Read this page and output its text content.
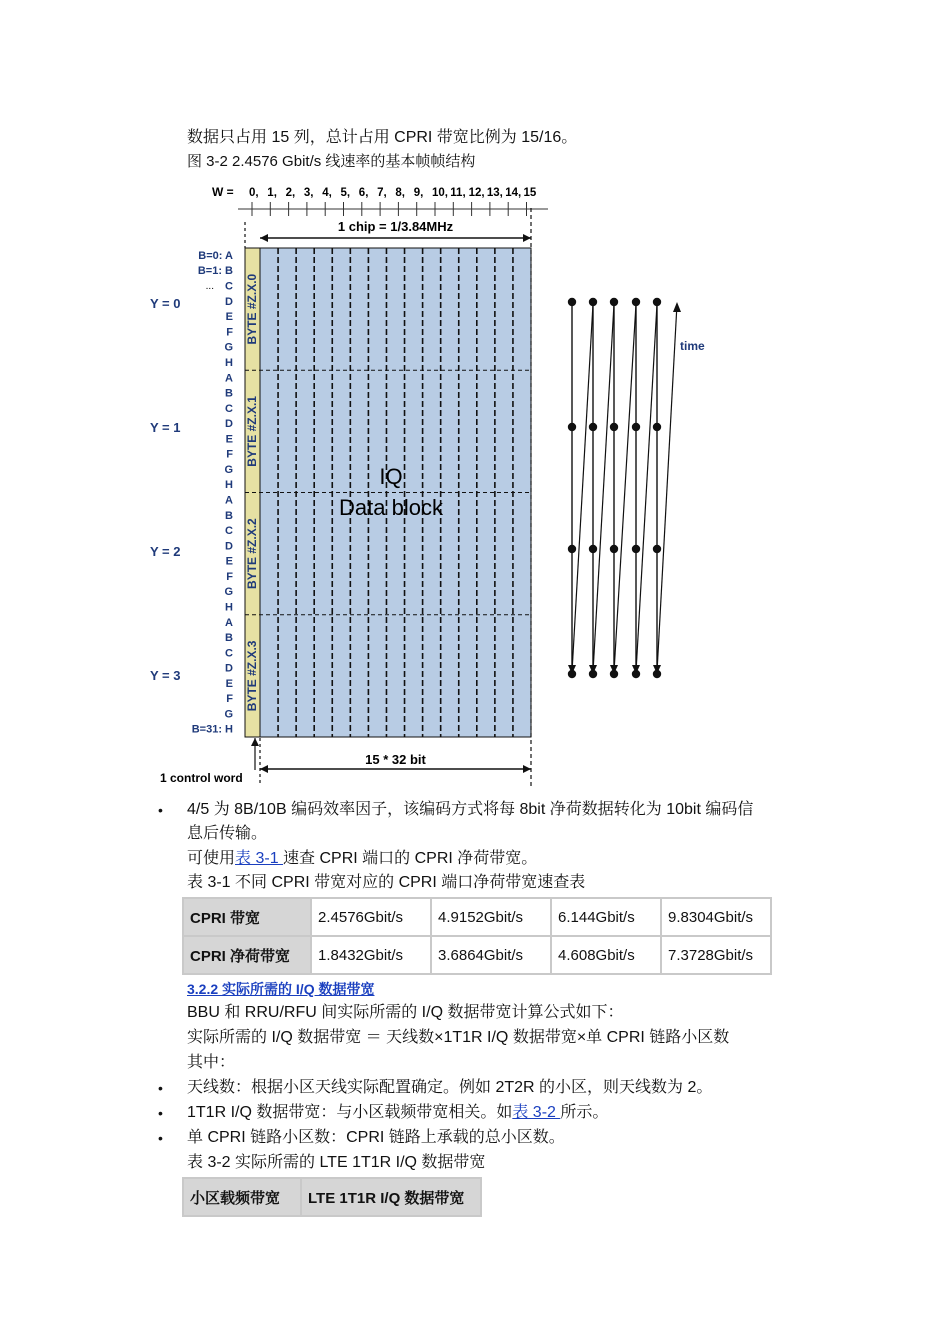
数据只占用 15 列，总计占用 CPRI 带宽比例为 15/16。
图 3-2 2.4576 Gbit/s 线速率的基本帧帧结构
W = 0, 1, 2, 3, 4, 5, 6, 7, 8, 9, 10, 11, 12, 13, 14, 15
1 chip = 1/3.84MHz
BYTE #Z.X.0
BYTE #Z.X.1
BYTE #Z.X.2
BYTE #Z.X.3
B=0: A
B=1: B
... C
D
E
F
G
H
A
B
C
D
E
F
G
H
A
B
C
D
E
F
G
H
A
B
C
D
E
F
G
B=31: H
Y = 0
Y = 1
Y = 2
Y = 3
IQ
Data block
15 * 32 bit
1 control word
time
• 4/5 为 8B/10B 编码效率因子，该编码方式将每 8bit 净荷数据转化为 10bit 编码信
息后传输。
可使用表 3-1 速查 CPRI 端口的 CPRI 净荷带宽。
表 3-1 不同 CPRI 带宽对应的 CPRI 端口净荷带宽速查表
CPRI 带宽	2.4576Gbit/s	4.9152Gbit/s	6.144Gbit/s	9.8304Gbit/s
CPRI 净荷带宽	1.8432Gbit/s	3.6864Gbit/s	4.608Gbit/s	7.3728Gbit/s
3.2.2 实际所需的 I/Q 数据带宽
BBU 和 RRU/RFU 间实际所需的 I/Q 数据带宽计算公式如下：
实际所需的 I/Q 数据带宽 ＝ 天线数×1T1R I/Q 数据带宽×单 CPRI 链路小区数
其中：
• 天线数：根据小区天线实际配置确定。例如 2T2R 的小区，则天线数为 2。
• 1T1R I/Q 数据带宽：与小区载频带宽相关。如表 3-2 所示。
• 单 CPRI 链路小区数：CPRI 链路上承载的总小区数。
表 3-2 实际所需的 LTE 1T1R I/Q 数据带宽
小区载频带宽	LTE 1T1R I/Q 数据带宽
